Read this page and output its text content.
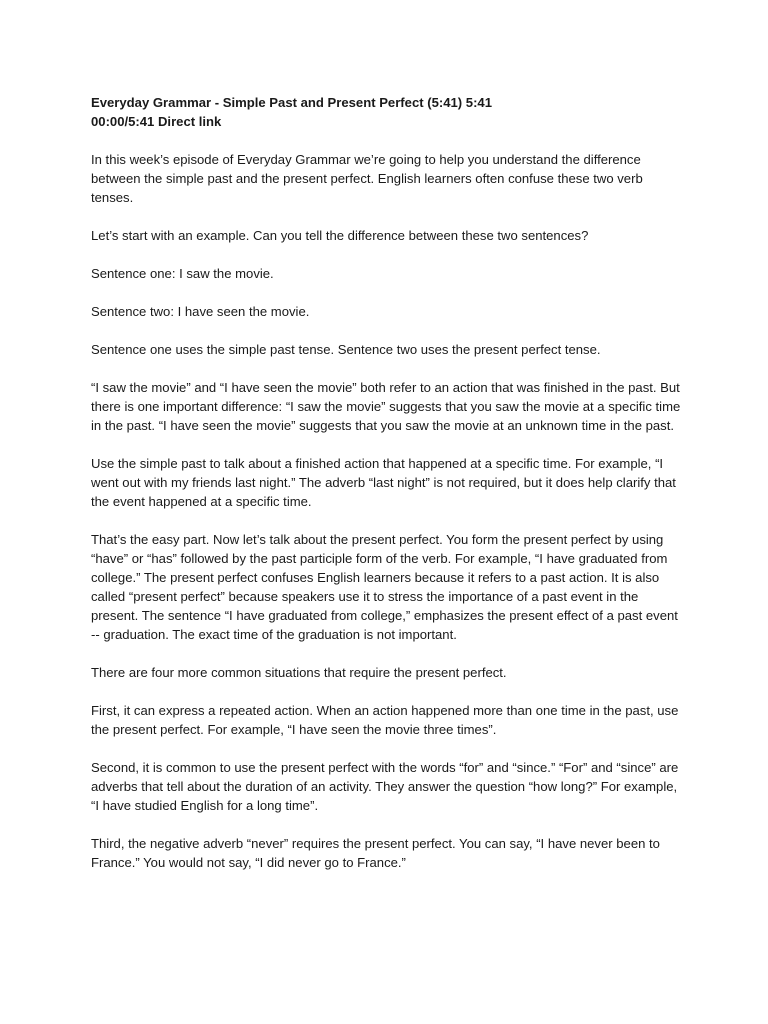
Everyday Grammar - Simple Past and Present Perfect (5:41) 5:41
00:00/5:41 Direct link

In this week’s episode of Everyday Grammar we’re going to help you understand the difference between the simple past and the present perfect. English learners often confuse these two verb tenses.

Let’s start with an example. Can you tell the difference between these two sentences?

Sentence one: I saw the movie.

Sentence two: I have seen the movie.

Sentence one uses the simple past tense. Sentence two uses the present perfect tense.

“I saw the movie” and “I have seen the movie” both refer to an action that was finished in the past. But there is one important difference: “I saw the movie” suggests that you saw the movie at a specific time in the past. “I have seen the movie” suggests that you saw the movie at an unknown time in the past.

Use the simple past to talk about a finished action that happened at a specific time. For example, “I went out with my friends last night.” The adverb “last night” is not required, but it does help clarify that the event happened at a specific time.

That’s the easy part. Now let’s talk about the present perfect. You form the present perfect by using “have” or “has” followed by the past participle form of the verb. For example, “I have graduated from college.” The present perfect confuses English learners because it refers to a past action. It is also called “present perfect” because speakers use it to stress the importance of a past event in the present. The sentence “I have graduated from college,” emphasizes the present effect of a past event -- graduation. The exact time of the graduation is not important.

There are four more common situations that require the present perfect.

First, it can express a repeated action. When an action happened more than one time in the past, use the present perfect. For example, “I have seen the movie three times”.

Second, it is common to use the present perfect with the words “for” and “since.” “For” and “since” are adverbs that tell about the duration of an activity. They answer the question “how long?” For example, “I have studied English for a long time”.

Third, the negative adverb “never” requires the present perfect. You can say, “I have never been to France.” You would not say, “I did never go to France.”
